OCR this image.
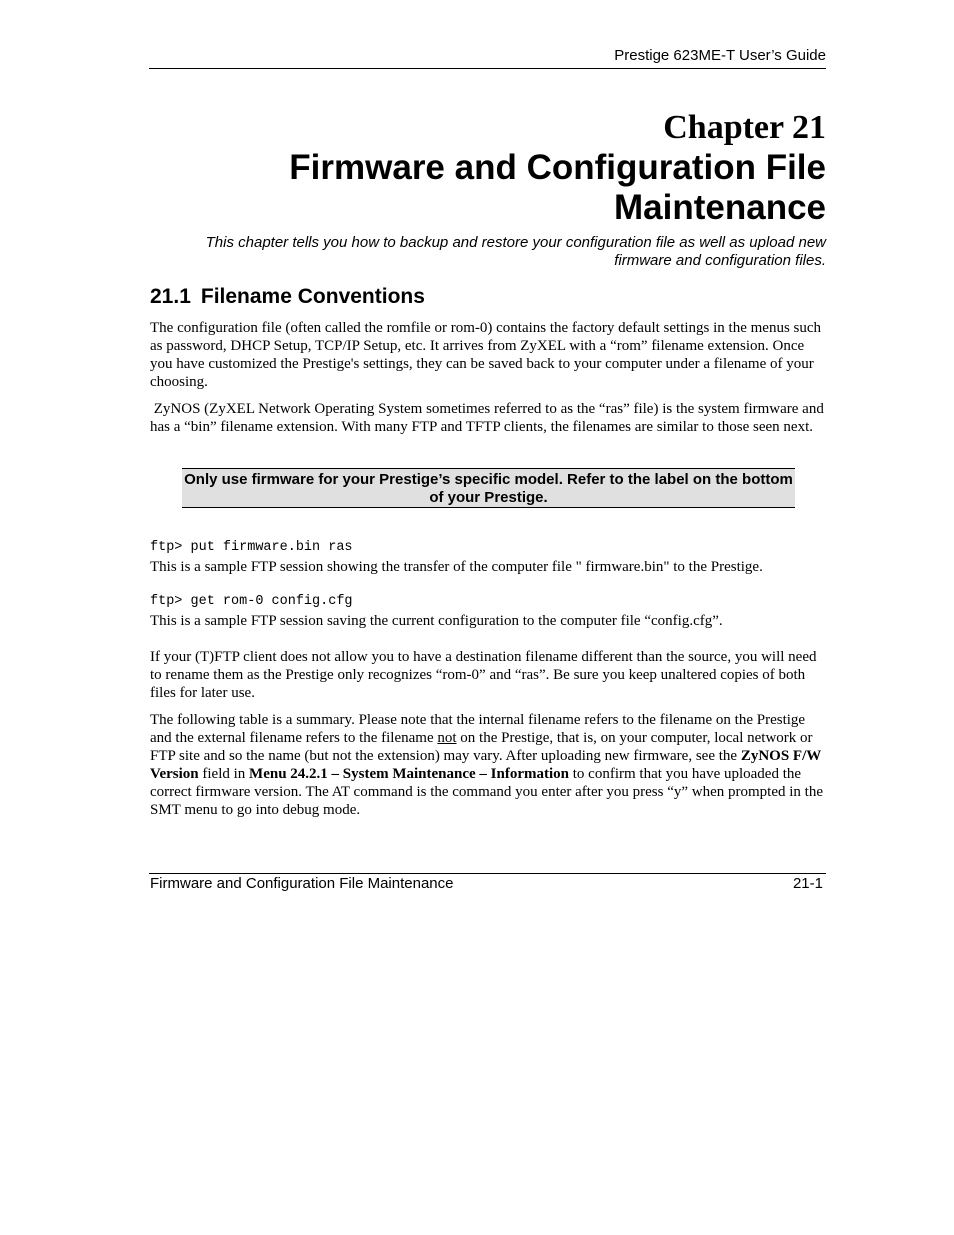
Prestige 623ME-T User’s Guide
Chapter 21
Firmware and Configuration File
Maintenance
This chapter tells you how to backup and restore your configuration file as well as upload new firmware and configuration files.
21.1 Filename Conventions
The configuration file (often called the romfile or rom-0) contains the factory default settings in the menus such as password, DHCP Setup, TCP/IP Setup, etc. It arrives from ZyXEL with a “rom” filename extension. Once you have customized the Prestige's settings, they can be saved back to your computer under a filename of your choosing.
ZyNOS (ZyXEL Network Operating System sometimes referred to as the “ras” file) is the system firmware and has a “bin” filename extension. With many FTP and TFTP clients, the filenames are similar to those seen next.
Only use firmware for your Prestige’s specific model. Refer to the label on the bottom of your Prestige.
ftp> put firmware.bin ras
This is a sample FTP session showing the transfer of the computer file " firmware.bin" to the Prestige.
ftp> get rom-0 config.cfg
This is a sample FTP session saving the current configuration to the computer file “config.cfg”.
If your (T)FTP client does not allow you to have a destination filename different than the source, you will need to rename them as the Prestige only recognizes “rom-0” and “ras”. Be sure you keep unaltered copies of both files for later use.
The following table is a summary. Please note that the internal filename refers to the filename on the Prestige and the external filename refers to the filename not on the Prestige, that is, on your computer, local network or FTP site and so the name (but not the extension) may vary. After uploading new firmware, see the ZyNOS F/W Version field in Menu 24.2.1 – System Maintenance – Information to confirm that you have uploaded the correct firmware version. The AT command is the command you enter after you press “y” when prompted in the SMT menu to go into debug mode.
Firmware and Configuration File Maintenance	21-1
